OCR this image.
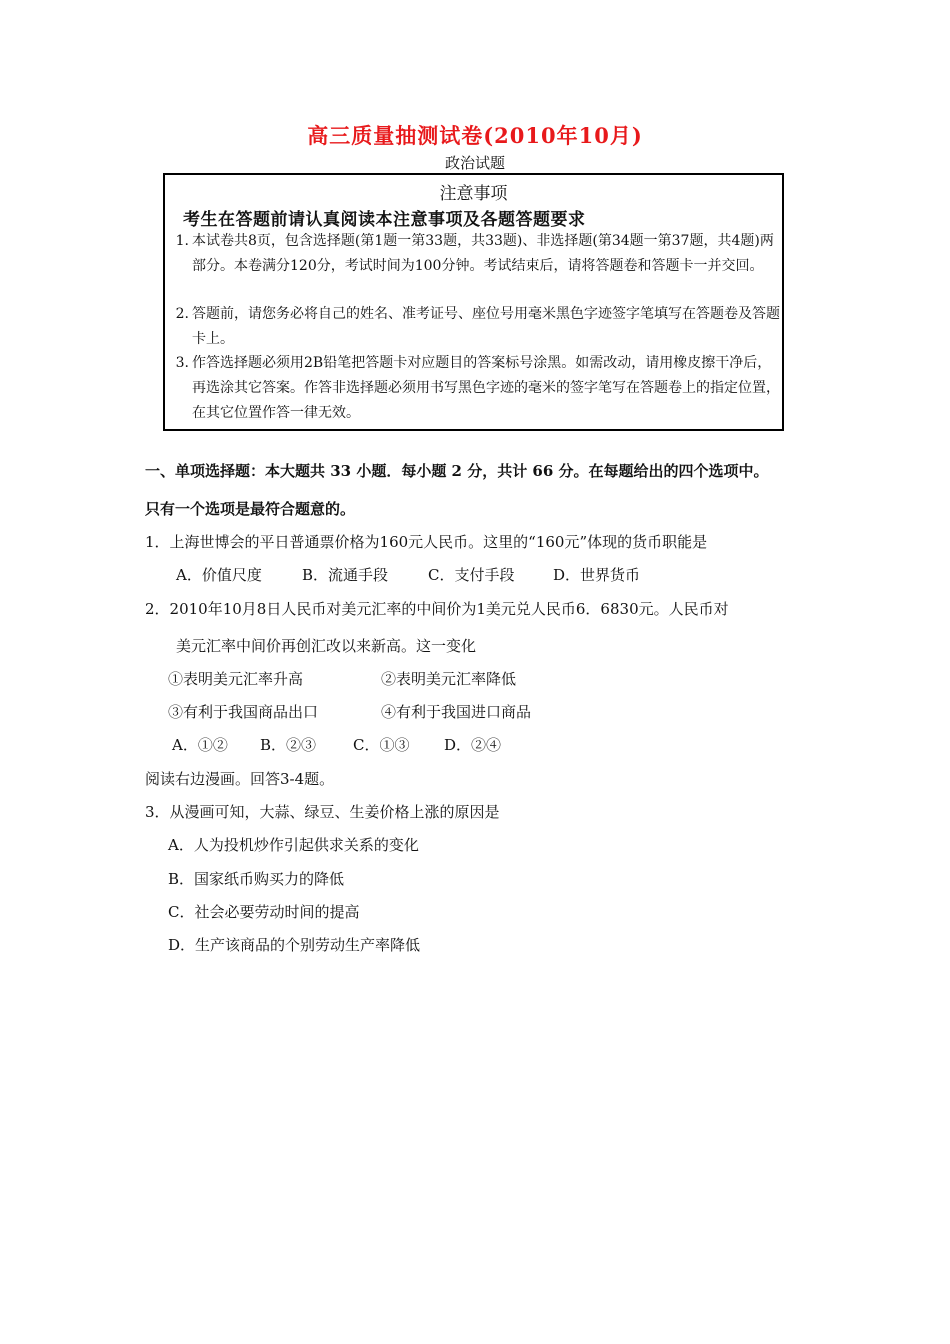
高三质量抽测试卷(2010年10月)
政治试题
注意事项
考生在答题前请认真阅读本注意事项及各题答题要求
1. 本试卷共8页，包含选择题(第1题一第33题，共33题)、非选择题(第34题一第37题，共4题)两部分。本卷满分120分，考试时间为100分钟。考试结束后，请将答题卷和答题卡一并交回。
2. 答题前，请您务必将自己的姓名、准考证号、座位号用毫米黑色字迹签字笔填写在答题卷及答题卡上。
3. 作答选择题必须用2B铅笔把答题卡对应题目的答案标号涂黑。如需改动，请用橡皮擦干净后，再选涂其它答案。作答非选择题必须用书写黑色字迹的毫米的签字笔写在答题卷上的指定位置，在其它位置作答一律无效。
一、单项选择题：本大题共 33 小题．每小题 2 分，共计 66 分。在每题给出的四个选项中。
只有一个选项是最符合题意的。
1．上海世博会的平日普通票价格为160元人民币。这里的“160元”体现的货币职能是
A．价值尺度	B．流通手段	C．支付手段	D．世界货币
2．2010年10月8日人民币对美元汇率的中间价为1美元兑人民币6．6830元。人民币对
美元汇率中间价再创汇改以来新高。这一变化
①表明美元汇率升高	②表明美元汇率降低
③有利于我国商品出口	④有利于我国进口商品
A．①② B．②③ C．①③ D．②④
阅读右边漫画。回答3-4题。
3．从漫画可知，大蒜、绿豆、生姜价格上涨的原因是
A．人为投机炒作引起供求关系的变化
B．国家纸币购买力的降低
C．社会必要劳动时间的提高
D．生产该商品的个别劳动生产率降低
